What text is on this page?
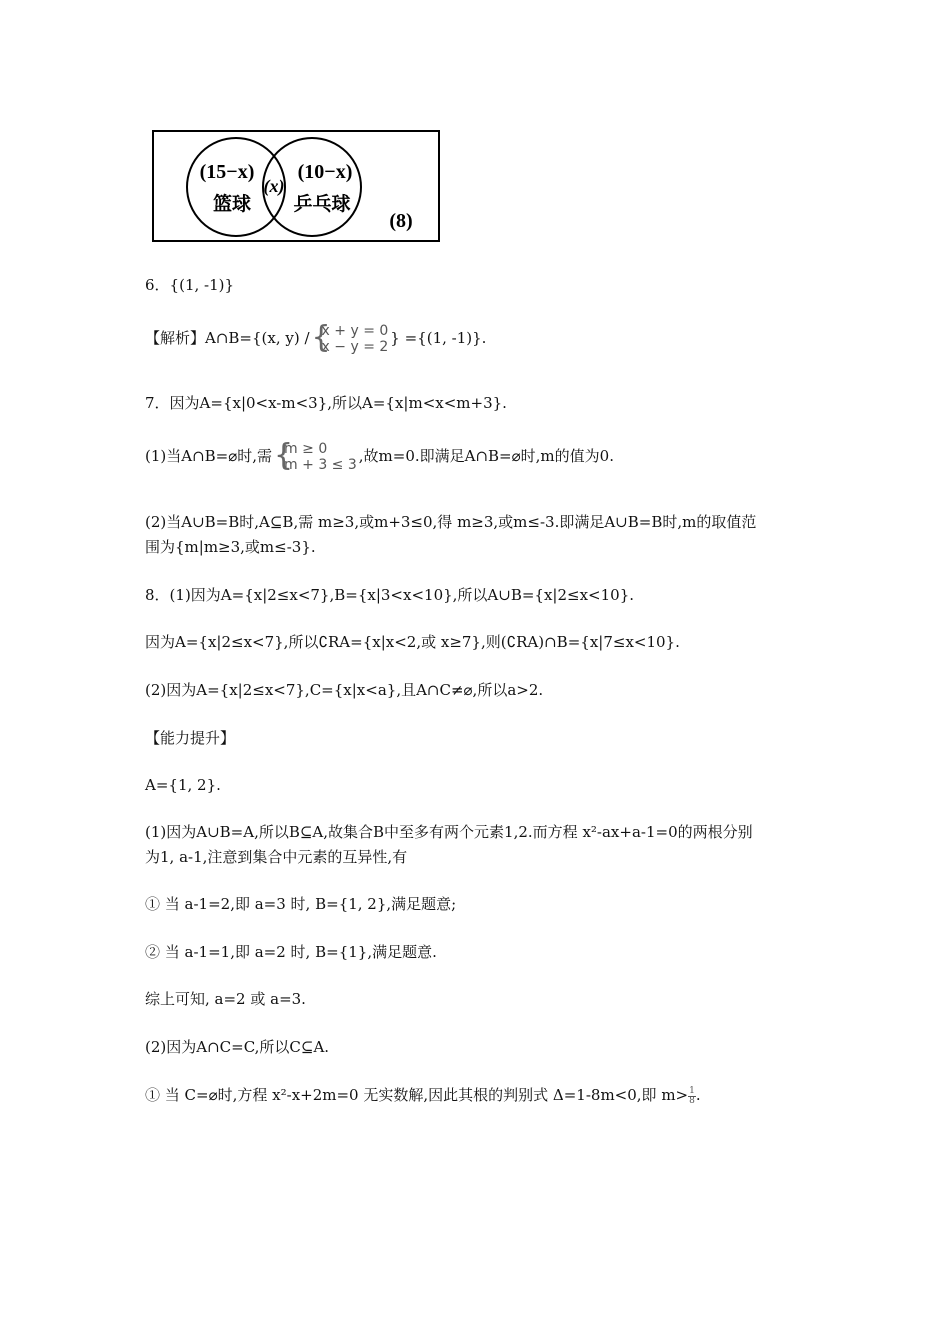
(15−x)
篮球
(x)
(10−x)
乒乓球
(8)
6．{(1, -1)}
【解析】A∩B={(x, y) / {
x + y = 0
x − y = 2 } ={(1, -1)}.
7．因为A={x|0<x-m<3},所以A={x|m<x<m+3}.
(1)当A∩B=⌀时,需 {
m ≥ 0
m + 3 ≤ 3 ,故m=0.即满足A∩B=⌀时,m的值为0.
(2)当A∪B=B时,A⊆B,需 m≥3,或m+3≤0,得 m≥3,或m≤-3.即满足A∪B=B时,m的取值范
围为{m|m≥3,或m≤-3}.
8．(1)因为A={x|2≤x<7},B={x|3<x<10},所以A∪B={x|2≤x<10}.
因为A={x|2≤x<7},所以∁RA={x|x<2,或 x≥7},则(∁RA)∩B={x|7≤x<10}.
(2)因为A={x|2≤x<7},C={x|x<a},且A∩C≠⌀,所以a>2.
【能力提升】
A={1, 2}.
(1)因为A∪B=A,所以B⊆A,故集合B中至多有两个元素1,2.而方程 x²-ax+a-1=0的两根分别
为1, a-1,注意到集合中元素的互异性,有
① 当 a-1=2,即 a=3 时, B={1, 2},满足题意;
② 当 a-1=1,即 a=2 时, B={1},满足题意.
综上可知, a=2 或 a=3.
(2)因为A∩C=C,所以C⊆A.
① 当 C=⌀时,方程 x²-x+2m=0 无实数解,因此其根的判别式 Δ=1-8m<0,即 $m> \frac{1}{8}$ .
